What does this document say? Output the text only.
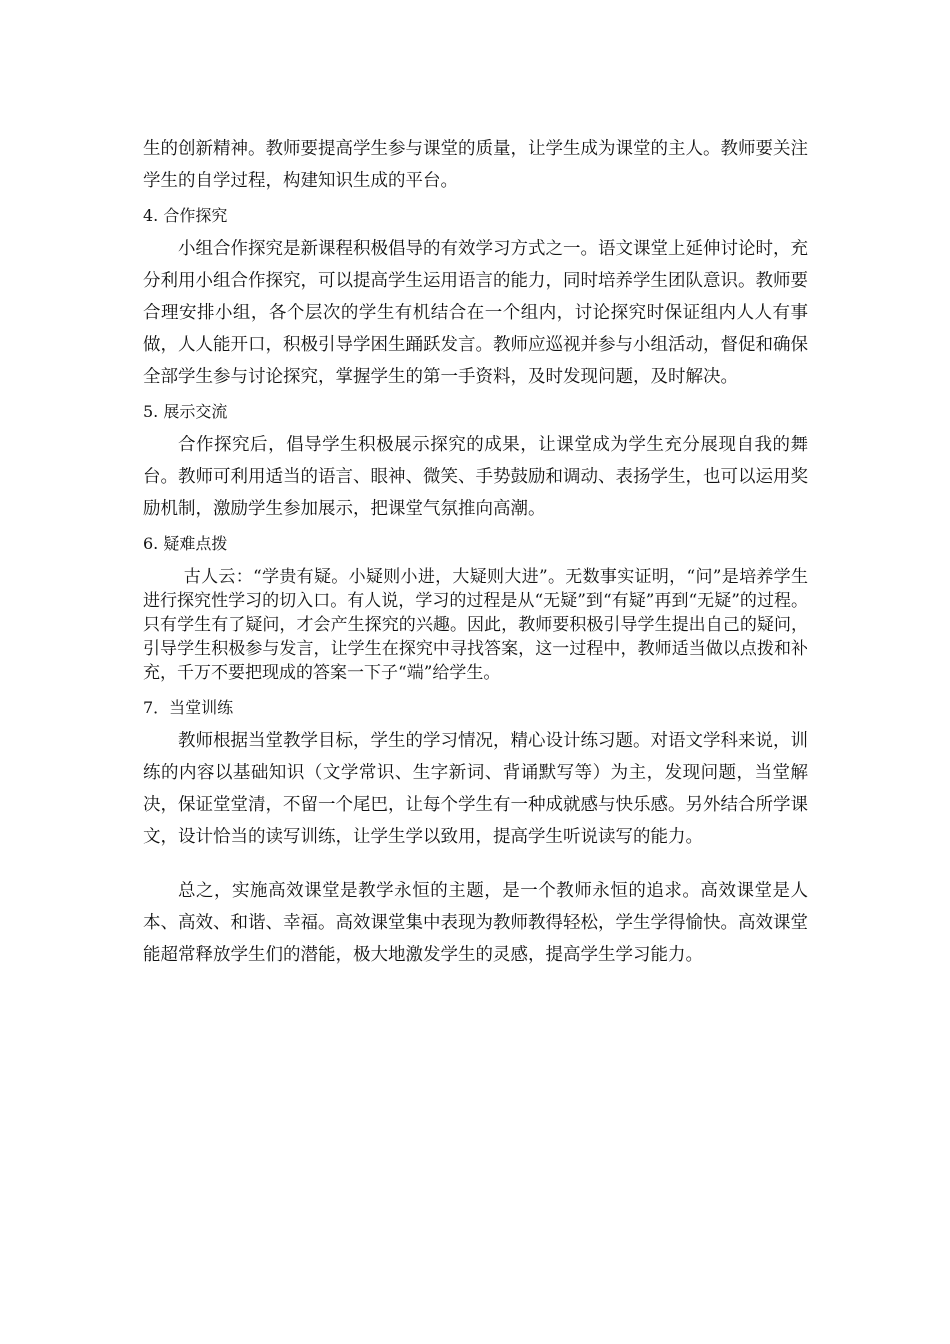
生的创新精神。教师要提高学生参与课堂的质量，让学生成为课堂的主人。教师要关注学生的自学过程，构建知识生成的平台。

4. 合作探究

小组合作探究是新课程积极倡导的有效学习方式之一。语文课堂上延伸讨论时，充分利用小组合作探究，可以提高学生运用语言的能力，同时培养学生团队意识。教师要合理安排小组，各个层次的学生有机结合在一个组内，讨论探究时保证组内人人有事做，人人能开口，积极引导学困生踊跃发言。教师应巡视并参与小组活动，督促和确保全部学生参与讨论探究，掌握学生的第一手资料，及时发现问题，及时解决。

5. 展示交流

合作探究后，倡导学生积极展示探究的成果，让课堂成为学生充分展现自我的舞台。教师可利用适当的语言、眼神、微笑、手势鼓励和调动、表扬学生，也可以运用奖励机制，激励学生参加展示，把课堂气氛推向高潮。

6. 疑难点拨

古人云：“学贵有疑。小疑则小进，大疑则大进”。无数事实证明，“问”是培养学生进行探究性学习的切入口。有人说，学习的过程是从“无疑”到“有疑”再到“无疑”的过程。只有学生有了疑问，才会产生探究的兴趣。因此，教师要积极引导学生提出自己的疑问，引导学生积极参与发言，让学生在探究中寻找答案，这一过程中，教师适当做以点拨和补充，千万不要把现成的答案一下子“端”给学生。

7．当堂训练

教师根据当堂教学目标，学生的学习情况，精心设计练习题。对语文学科来说，训练的内容以基础知识（文学常识、生字新词、背诵默写等）为主，发现问题，当堂解决，保证堂堂清，不留一个尾巴，让每个学生有一种成就感与快乐感。另外结合所学课文，设计恰当的读写训练，让学生学以致用，提高学生听说读写的能力。

总之，实施高效课堂是教学永恒的主题，是一个教师永恒的追求。高效课堂是人本、高效、和谐、幸福。高效课堂集中表现为教师教得轻松，学生学得愉快。高效课堂能超常释放学生们的潜能，极大地激发学生的灵感，提高学生学习能力。
